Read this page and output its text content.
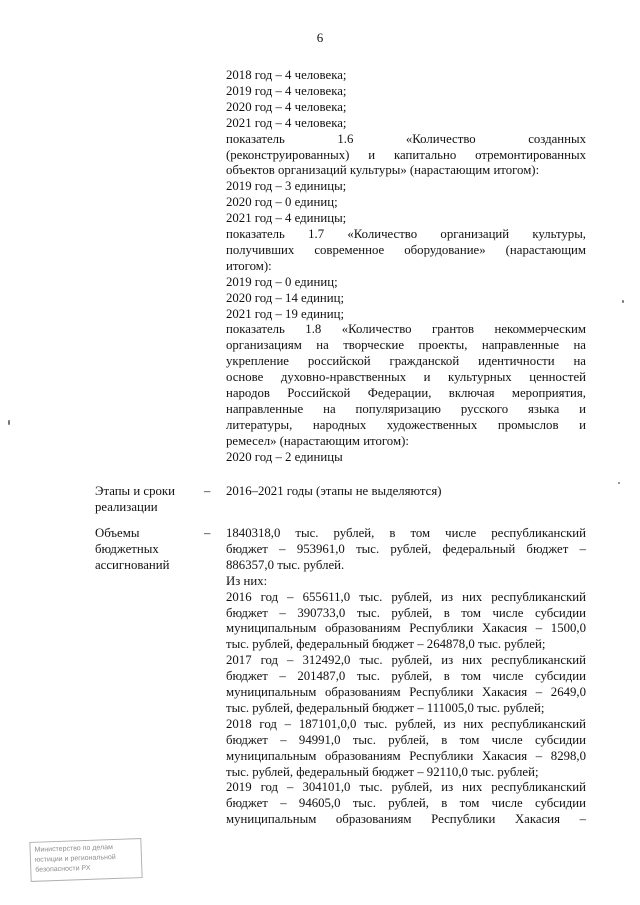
6
2018 год – 4 человека;
2019 год – 4 человека;
2020 год – 4 человека;
2021 год – 4 человека;
показатель 1.6 «Количество созданных
(реконструированных) и капитально отремонтированных
объектов организаций культуры» (нарастающим итогом):
2019 год – 3 единицы;
2020 год – 0 единиц;
2021 год – 4 единицы;
показатель 1.7 «Количество организаций культуры,
получивших современное оборудование» (нарастающим
итогом):
2019 год – 0 единиц;
2020 год – 14 единиц;
2021 год – 19 единиц;
показатель 1.8 «Количество грантов некоммерческим
организациям на творческие проекты, направленные на
укрепление российской гражданской идентичности на
основе духовно-нравственных и культурных ценностей
народов Российской Федерации, включая мероприятия,
направленные на популяризацию русского языка и
литературы, народных художественных промыслов и
ремесел» (нарастающим итогом):
2020 год – 2 единицы
Этапы и сроки
реализации
– 2016–2021 годы (этапы не выделяются)
Объемы
бюджетных
ассигнований
– 1840318,0 тыс. рублей, в том числе республиканский
бюджет – 953961,0 тыс. рублей, федеральный бюджет –
886357,0 тыс. рублей.
Из них:
2016 год – 655611,0 тыс. рублей, из них республиканский
бюджет – 390733,0 тыс. рублей, в том числе субсидии
муниципальным образованиям Республики Хакасия – 1500,0
тыс. рублей, федеральный бюджет – 264878,0 тыс. рублей;
2017 год – 312492,0 тыс. рублей, из них республиканский
бюджет – 201487,0 тыс. рублей, в том числе субсидии
муниципальным образованиям Республики Хакасия – 2649,0
тыс. рублей, федеральный бюджет – 111005,0 тыс. рублей;
2018 год – 187101,0,0 тыс. рублей, из них республиканский
бюджет – 94991,0 тыс. рублей, в том числе субсидии
муниципальным образованиям Республики Хакасия – 8298,0
тыс. рублей, федеральный бюджет – 92110,0 тыс. рублей;
2019 год – 304101,0 тыс. рублей, из них республиканский
бюджет – 94605,0 тыс. рублей, в том числе субсидии
муниципальным образованиям Республики Хакасия –
Министерство по делам
юстиции и региональной
безопасности РХ
